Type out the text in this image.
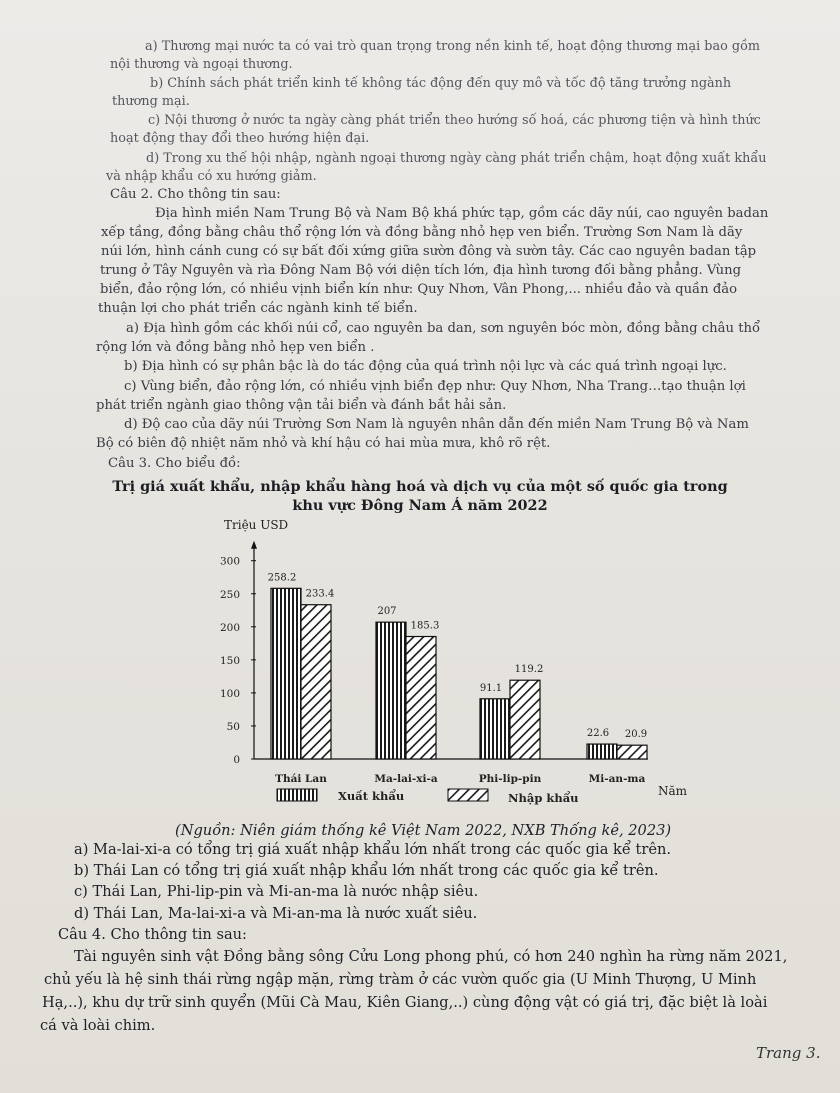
a) Thương mại nước ta có vai trò quan trọng trong nền kinh tế, hoạt động thương mại bao gồm
nội thương và ngoại thương.
b) Chính sách phát triển kinh tế không tác động đến quy mô và tốc độ tăng trưởng ngành
thương mại.
c) Nội thương ở nước ta ngày càng phát triển theo hướng số hoá, các phương tiện và hình thức
hoạt động thay đổi theo hướng hiện đại.
d) Trong xu thế hội nhập, ngành ngoại thương ngày càng phát triển chậm, hoạt động xuất khẩu
và nhập khẩu có xu hướng giảm.
Câu 2. Cho thông tin sau:
Địa hình miền Nam Trung Bộ và Nam Bộ khá phức tạp, gồm các dãy núi, cao nguyên badan
xếp tầng, đồng bằng châu thổ rộng lớn và đồng bằng nhỏ hẹp ven biển. Trường Sơn Nam là dãy
núi lớn, hình cánh cung có sự bất đối xứng giữa sườn đông và sườn tây. Các cao nguyên badan tập
trung ở Tây Nguyên và rìa Đông Nam Bộ với diện tích lớn, địa hình tương đối bằng phẳng. Vùng
biển, đảo rộng lớn, có nhiều vịnh biển kín như: Quy Nhơn, Vân Phong,... nhiều đảo và quần đảo
thuận lợi cho phát triển các ngành kinh tế biển.
a) Địa hình gồm các khối núi cổ, cao nguyên ba dan, sơn nguyên bóc mòn, đồng bằng châu thổ
rộng lớn và đồng bằng nhỏ hẹp ven biển .
b) Địa hình có sự phân bậc là do tác động của quá trình nội lực và các quá trình ngoại lực.
c) Vùng biển, đảo rộng lớn, có nhiều vịnh biển đẹp như: Quy Nhơn, Nha Trang…tạo thuận lợi
phát triển ngành giao thông vận tải biển và đánh bắt hải sản.
d) Độ cao của dãy núi Trường Sơn Nam là nguyên nhân dẫn đến miền Nam Trung Bộ và Nam
Bộ có biên độ nhiệt năm nhỏ và khí hậu có hai mùa mưa, khô rõ rệt.
Câu 3. Cho biểu đồ:
Trị giá xuất khẩu, nhập khẩu hàng hoá và dịch vụ của một số quốc gia trong
khu vực Đông Nam Á năm 2022
Triệu USD
0
50
100
150
200
250
300
258.2
233.4
207
185.3
91.1
119.2
22.6 20.9
Thái Lan	Ma-lai-xi-a	Phi-lip-pin	Mi-an-ma
Năm
Xuất khẩu	Nhập khẩu
(Nguồn: Niên giám thống kê Việt Nam 2022, NXB Thống kê, 2023)
a) Ma-lai-xi-a có tổng trị giá xuất nhập khẩu lớn nhất trong các quốc gia kể trên.
b) Thái Lan có tổng trị giá xuất nhập khẩu lớn nhất trong các quốc gia kể trên.
c) Thái Lan, Phi-lip-pin và Mi-an-ma là nước nhập siêu.
d) Thái Lan, Ma-lai-xi-a và Mi-an-ma là nước xuất siêu.
Câu 4. Cho thông tin sau:
Tài nguyên sinh vật Đồng bằng sông Cửu Long phong phú, có hơn 240 nghìn ha rừng năm 2021,
chủ yếu là hệ sinh thái rừng ngập mặn, rừng tràm ở các vườn quốc gia (U Minh Thượng, U Minh
Hạ,..), khu dự trữ sinh quyển (Mũi Cà Mau, Kiên Giang,..) cùng động vật có giá trị, đặc biệt là loài
cá và loài chim.
Trang 3.
